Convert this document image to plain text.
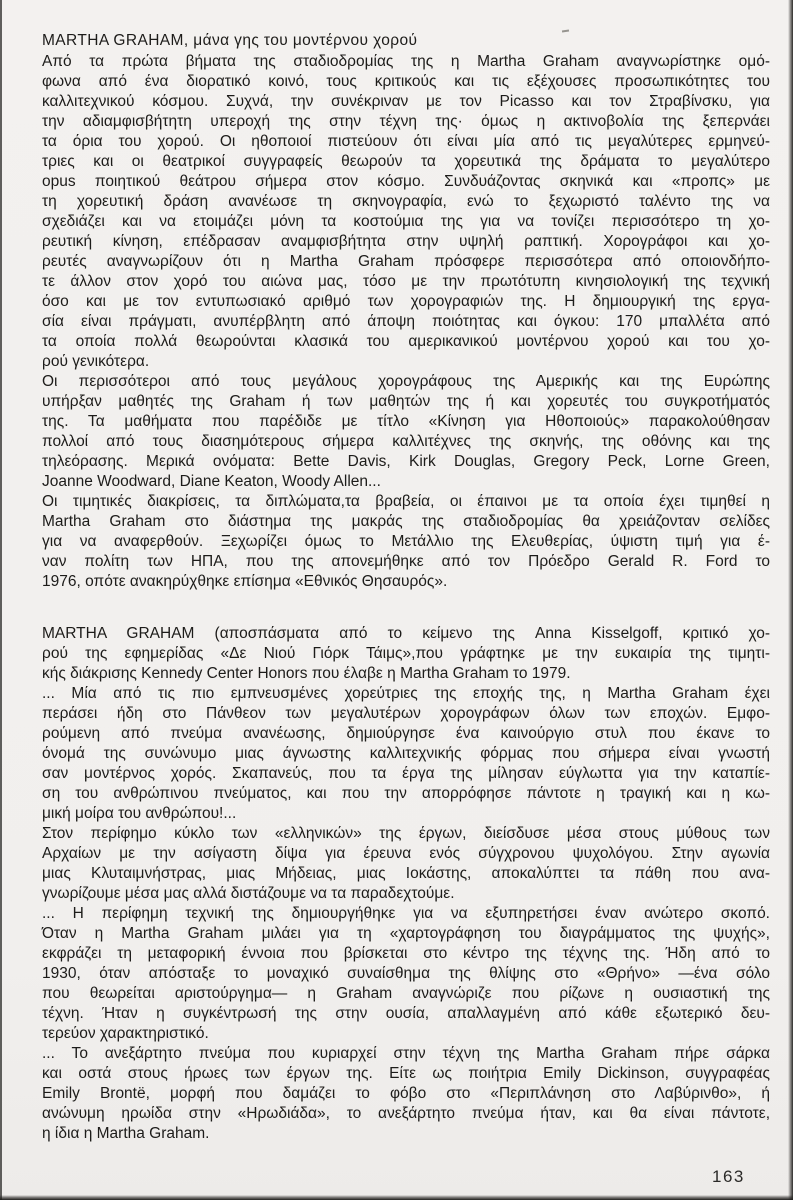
MARTHA GRAHAM, μάνα γης του μοντέρνου χορού
Από τα πρώτα βήματα της σταδιοδρομίας της η Martha Graham αναγνωρίστηκε ομό-
φωνα από ένα διορατικό κοινό, τους κριτικούς και τις εξέχουσες προσωπικότητες του
καλλιτεχνικού κόσμου. Συχνά, την συνέκριναν με τον Picasso και τον Στραβίνσκυ, για
την αδιαμφισβήτητη υπεροχή της στην τέχνη της· όμως η ακτινοβολία της ξεπερνάει
τα όρια του χορού. Οι ηθοποιοί πιστεύουν ότι είναι μία από τις μεγαλύτερες ερμηνεύ-
τριες και οι θεατρικοί συγγραφείς θεωρούν τα χορευτικά της δράματα το μεγαλύτερο
opus ποιητικού θεάτρου σήμερα στον κόσμο. Συνδυάζοντας σκηνικά και «προπς» με
τη χορευτική δράση ανανέωσε τη σκηνογραφία, ενώ το ξεχωριστό ταλέντο της να
σχεδιάζει και να ετοιμάζει μόνη τα κοστούμια της για να τονίζει περισσότερο τη χο-
ρευτική κίνηση, επέδρασαν αναμφισβήτητα στην υψηλή ραπτική. Χορογράφοι και χο-
ρευτές αναγνωρίζουν ότι η Martha Graham πρόσφερε περισσότερα από οποιονδήπο-
τε άλλον στον χορό του αιώνα μας, τόσο με την πρωτότυπη κινησιολογική της τεχνική
όσο και με τον εντυπωσιακό αριθμό των χορογραφιών της. Η δημιουργική της εργα-
σία είναι πράγματι, ανυπέρβλητη από άποψη ποιότητας και όγκου: 170 μπαλλέτα από
τα οποία πολλά θεωρούνται κλασικά του αμερικανικού μοντέρνου χορού και του χο-
ρού γενικότερα.
Οι περισσότεροι από τους μεγάλους χορογράφους της Αμερικής και της Ευρώπης
υπήρξαν μαθητές της Graham ή των μαθητών της ή και χορευτές του συγκροτήματός
της. Τα μαθήματα που παρέδιδε με τίτλο «Κίνηση για Ηθοποιούς» παρακολούθησαν
πολλοί από τους διασημότερους σήμερα καλλιτέχνες της σκηνής, της οθόνης και της
τηλεόρασης. Μερικά ονόματα: Bette Davis, Kirk Douglas, Gregory Peck, Lorne Green,
Joanne Woodward, Diane Keaton, Woody Allen...
Οι τιμητικές διακρίσεις, τα διπλώματα,τα βραβεία, οι έπαινοι με τα οποία έχει τιμηθεί η
Martha Graham στο διάστημα της μακράς της σταδιοδρομίας θα χρειάζονταν σελίδες
για να αναφερθούν. Ξεχωρίζει όμως το Μετάλλιο της Ελευθερίας, ύψιστη τιμή για έ-
ναν πολίτη των ΗΠΑ, που της απονεμήθηκε από τον Πρόεδρο Gerald R. Ford το
1976, οπότε ανακηρύχθηκε επίσημα «Εθνικός Θησαυρός».
MARTHA GRAHAM (αποσπάσματα από το κείμενο της Anna Kisselgoff, κριτικό χο-
ρού της εφημερίδας «Δε Νιού Γιόρκ Τάιμς»,που γράφτηκε με την ευκαιρία της τιμητι-
κής διάκρισης Kennedy Center Honors που έλαβε η Martha Graham το 1979.
... Μία από τις πιο εμπνευσμένες χορεύτριες της εποχής της, η Martha Graham έχει
περάσει ήδη στο Πάνθεον των μεγαλυτέρων χορογράφων όλων των εποχών. Εμφο-
ρούμενη από πνεύμα ανανέωσης, δημιούργησε ένα καινούργιο στυλ που έκανε το
όνομά της συνώνυμο μιας άγνωστης καλλιτεχνικής φόρμας που σήμερα είναι γνωστή
σαν μοντέρνος χορός. Σκαπανεύς, που τα έργα της μίλησαν εύγλωττα για την καταπίε-
ση του ανθρώπινου πνεύματος, και που την απορρόφησε πάντοτε η τραγική και η κω-
μική μοίρα του ανθρώπου!...
Στον περίφημο κύκλο των «ελληνικών» της έργων, διείσδυσε μέσα στους μύθους των
Αρχαίων με την ασίγαστη δίψα για έρευνα ενός σύγχρονου ψυχολόγου. Στην αγωνία
μιας Κλυταιμνήστρας, μιας Μήδειας, μιας Ιοκάστης, αποκαλύπτει τα πάθη που ανα-
γνωρίζουμε μέσα μας αλλά διστάζουμε να τα παραδεχτούμε.
... Η περίφημη τεχνική της δημιουργήθηκε για να εξυπηρετήσει έναν ανώτερο σκοπό.
Όταν η Martha Graham μιλάει για τη «χαρτογράφηση του διαγράμματος της ψυχής»,
εκφράζει τη μεταφορική έννοια που βρίσκεται στο κέντρο της τέχνης της. Ήδη από το
1930, όταν απόσταξε το μοναχικό συναίσθημα της θλίψης στο «Θρήνο» —ένα σόλο
που θεωρείται αριστούργημα— η Graham αναγνώριζε που ρίζωνε η ουσιαστική της
τέχνη. Ήταν η συγκέντρωσή της στην ουσία, απαλλαγμένη από κάθε εξωτερικό δευ-
τερεύον χαρακτηριστικό.
... Το ανεξάρτητο πνεύμα που κυριαρχεί στην τέχνη της Martha Graham πήρε σάρκα
και οστά στους ήρωες των έργων της. Είτε ως ποιήτρια Emily Dickinson, συγγραφέας
Emily Brontë, μορφή που δαμάζει το φόβο στο «Περιπλάνηση στο Λαβύρινθο», ή
ανώνυμη ηρωίδα στην «Ηρωδιάδα», το ανεξάρτητο πνεύμα ήταν, και θα είναι πάντοτε,
η ίδια η Martha Graham.
163
